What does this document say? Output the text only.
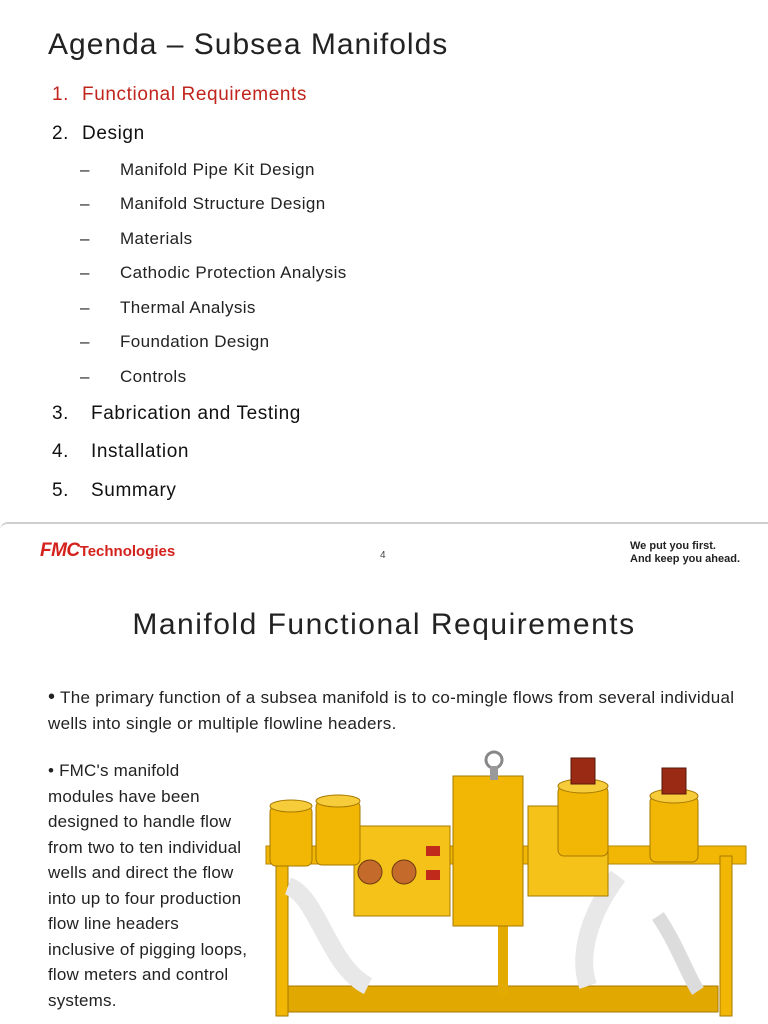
Agenda – Subsea Manifolds
1. Functional Requirements
2. Design
– Manifold Pipe Kit Design
– Manifold Structure Design
– Materials
– Cathodic Protection Analysis
– Thermal Analysis
– Foundation Design
– Controls
3. Fabrication and Testing
4. Installation
5. Summary
FMCTechnologies	4
We put you first.
And keep you ahead.
Manifold Functional Requirements
• The primary function of a subsea manifold is to co-mingle flows from several individual wells into single or multiple flowline headers.
• FMC's manifold modules have been designed to handle flow from two to ten individual wells and direct the flow into up to four production flow line headers inclusive of pigging loops, flow meters and control systems.
